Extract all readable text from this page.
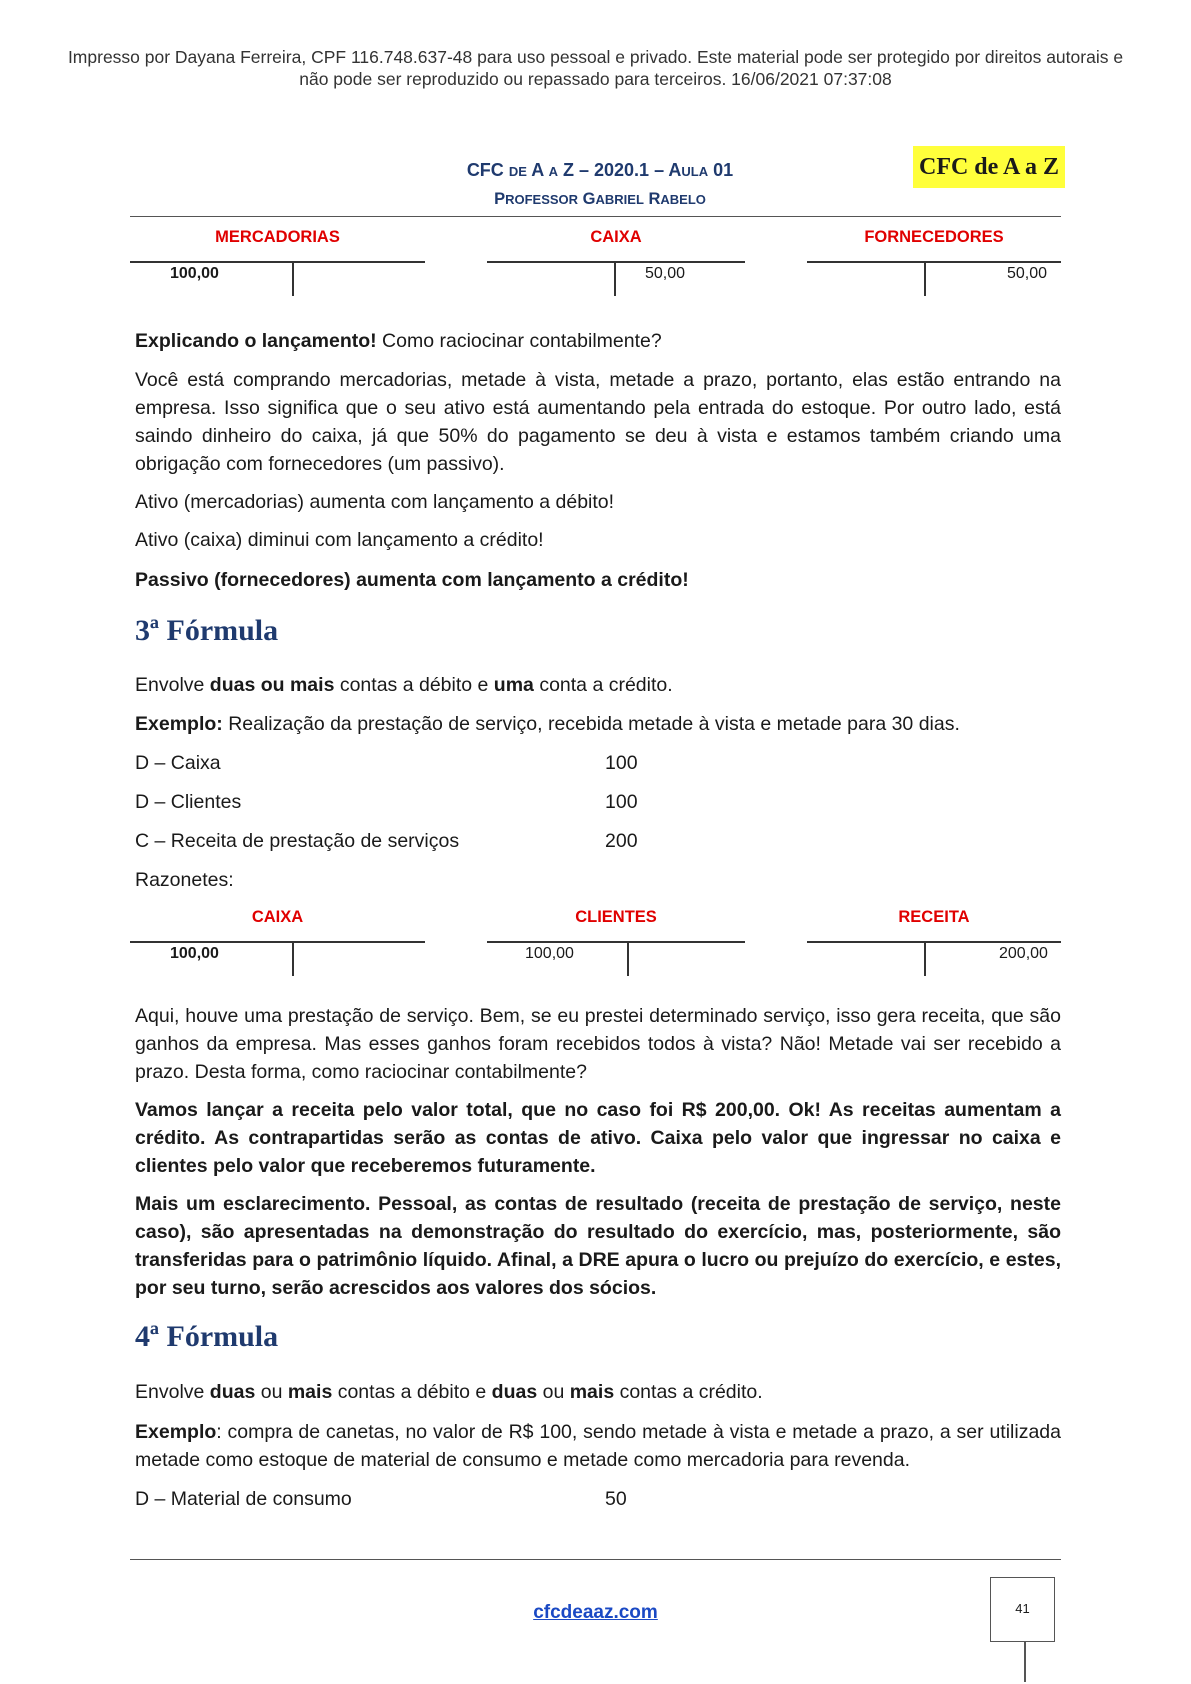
Impresso por Dayana Ferreira, CPF 116.748.637-48 para uso pessoal e privado. Este material pode ser protegido por direitos autorais e
não pode ser reproduzido ou repassado para terceiros. 16/06/2021 07:37:08
CFC DE A A Z – 2020.1 – AULA 01
PROFESSOR GABRIEL RABELO
CFC de A a Z
MERCADORIAS
100,00
CAIXA
50,00
FORNECEDORES
50,00
Explicando o lançamento! Como raciocinar contabilmente?
Você está comprando mercadorias, metade à vista, metade a prazo, portanto, elas estão entrando na empresa. Isso significa que o seu ativo está aumentando pela entrada do estoque. Por outro lado, está saindo dinheiro do caixa, já que 50% do pagamento se deu à vista e estamos também criando uma obrigação com fornecedores (um passivo).
Ativo (mercadorias) aumenta com lançamento a débito!
Ativo (caixa) diminui com lançamento a crédito!
Passivo (fornecedores) aumenta com lançamento a crédito!
3ª Fórmula
Envolve duas ou mais contas a débito e uma conta a crédito.
Exemplo: Realização da prestação de serviço, recebida metade à vista e metade para 30 dias.
D – Caixa	100
D – Clientes	100
C – Receita de prestação de serviços	200
Razonetes:
CAIXA
100,00
CLIENTES
100,00
RECEITA
200,00
Aqui, houve uma prestação de serviço. Bem, se eu prestei determinado serviço, isso gera receita, que são ganhos da empresa. Mas esses ganhos foram recebidos todos à vista? Não! Metade vai ser recebido a prazo. Desta forma, como raciocinar contabilmente?
Vamos lançar a receita pelo valor total, que no caso foi R$ 200,00. Ok! As receitas aumentam a crédito. As contrapartidas serão as contas de ativo. Caixa pelo valor que ingressar no caixa e clientes pelo valor que receberemos futuramente.
Mais um esclarecimento. Pessoal, as contas de resultado (receita de prestação de serviço, neste caso), são apresentadas na demonstração do resultado do exercício, mas, posteriormente, são transferidas para o patrimônio líquido. Afinal, a DRE apura o lucro ou prejuízo do exercício, e estes, por seu turno, serão acrescidos aos valores dos sócios.
4ª Fórmula
Envolve duas ou mais contas a débito e duas ou mais contas a crédito.
Exemplo: compra de canetas, no valor de R$ 100, sendo metade à vista e metade a prazo, a ser utilizada metade como estoque de material de consumo e metade como mercadoria para revenda.
D – Material de consumo	50
cfcdeaaz.com	41
